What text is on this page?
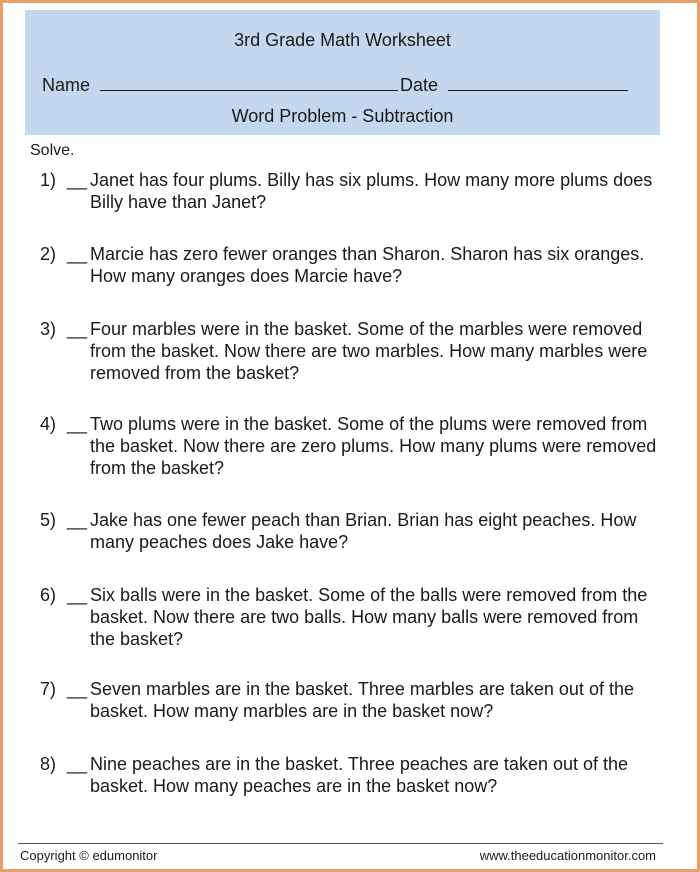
3rd Grade Math Worksheet
Name	Date
Word Problem - Subtraction
Solve.
1) __ Janet has four plums. Billy has six plums. How many more plums does Billy have than Janet?
2) __ Marcie has zero fewer oranges than Sharon. Sharon has six oranges. How many oranges does Marcie have?
3) __ Four marbles were in the basket. Some of the marbles were removed from the basket. Now there are two marbles. How many marbles were removed from the basket?
4) __ Two plums were in the basket. Some of the plums were removed from the basket. Now there are zero plums. How many plums were removed from the basket?
5) __ Jake has one fewer peach than Brian. Brian has eight peaches. How many peaches does Jake have?
6) __ Six balls were in the basket. Some of the balls were removed from the basket. Now there are two balls. How many balls were removed from the basket?
7) __ Seven marbles are in the basket. Three marbles are taken out of the basket. How many marbles are in the basket now?
8) __ Nine peaches are in the basket. Three peaches are taken out of the basket. How many peaches are in the basket now?
Copyright © edumonitor	www.theeducationmonitor.com
